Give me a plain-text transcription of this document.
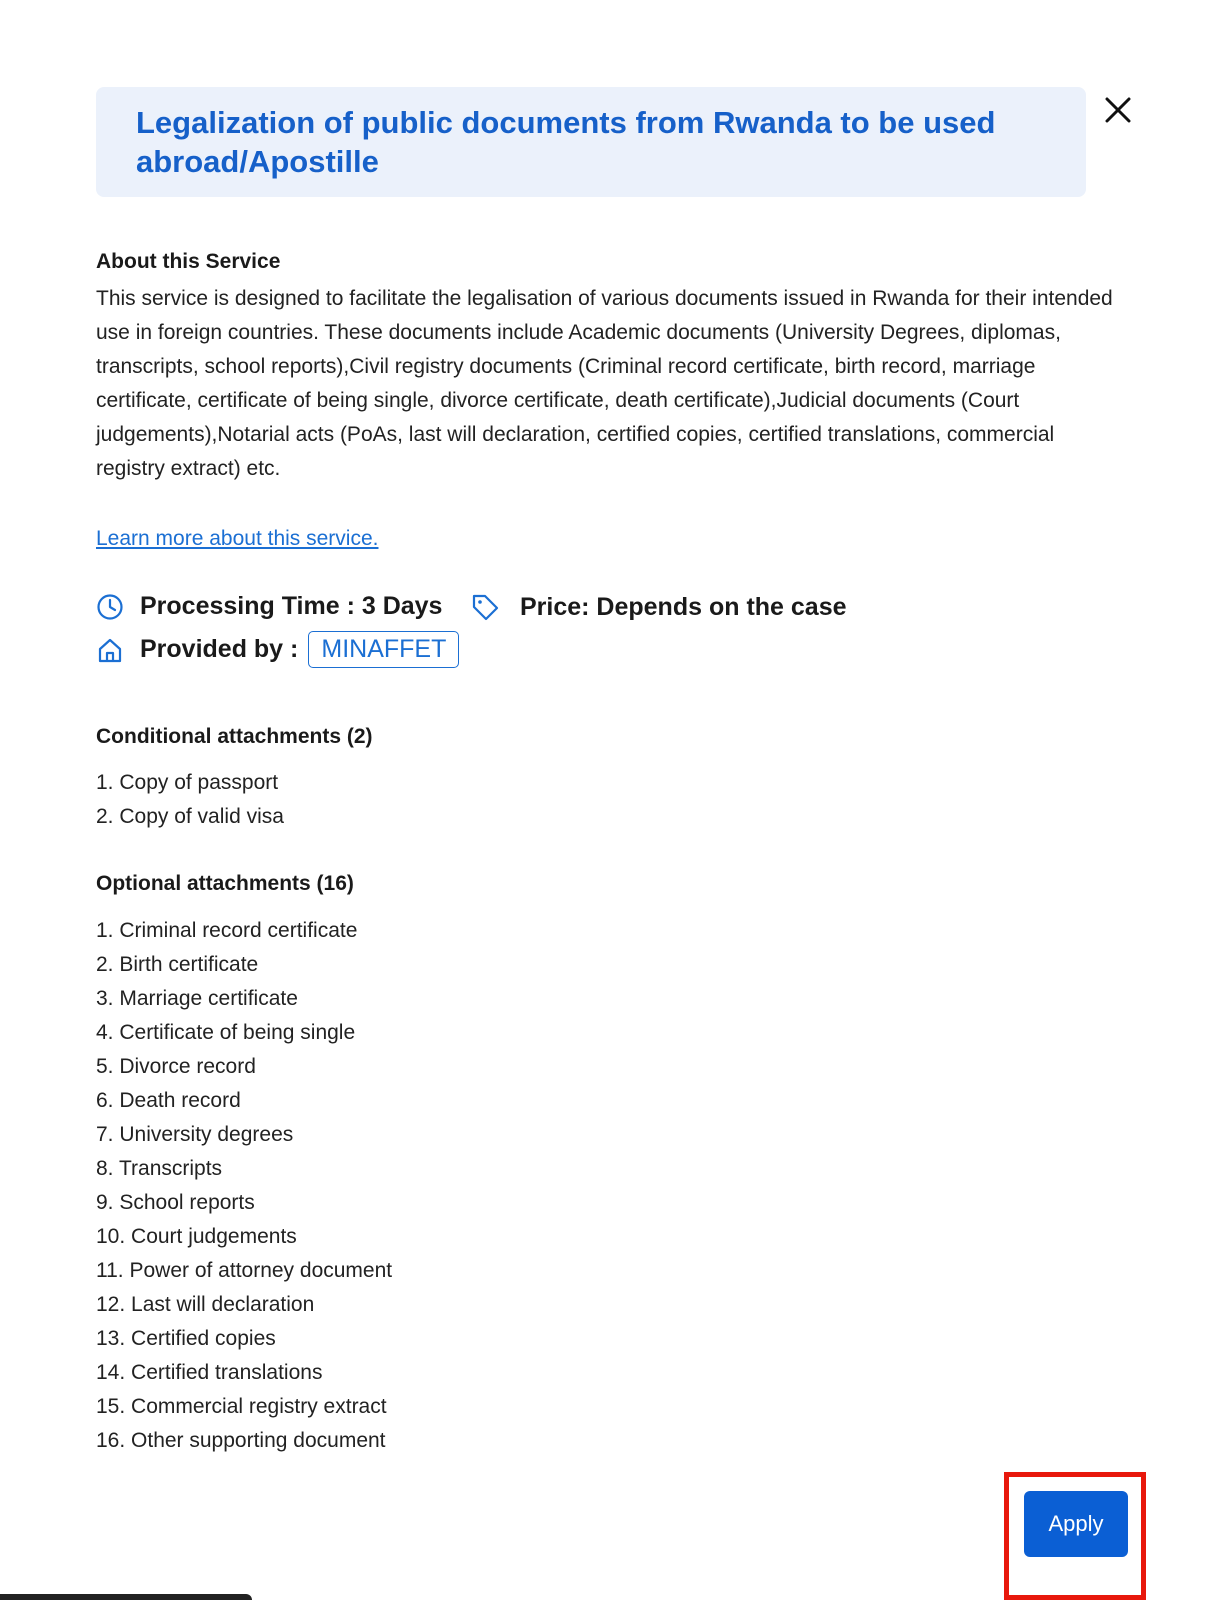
Legalization of public documents from Rwanda to be used abroad/Apostille
About this Service

This service is designed to facilitate the legalisation of various documents issued in Rwanda for their intended use in foreign countries. These documents include Academic documents (University Degrees, diplomas, transcripts, school reports),Civil registry documents (Criminal record certificate, birth record, marriage certificate, certificate of being single, divorce certificate, death certificate),Judicial documents (Court judgements),Notarial acts (PoAs, last will declaration, certified copies, certified translations, commercial registry extract) etc.

Learn more about this service.
Processing Time : 3 Days	Price: Depends on the case
Provided by : MINAFFET
Conditional attachments (2)
1. Copy of passport
2. Copy of valid visa
Optional attachments (16)
1. Criminal record certificate
2. Birth certificate
3. Marriage certificate
4. Certificate of being single
5. Divorce record
6. Death record
7. University degrees
8. Transcripts
9. School reports
10. Court judgements
11. Power of attorney document
12. Last will declaration
13. Certified copies
14. Certified translations
15. Commercial registry extract
16. Other supporting document
Apply
